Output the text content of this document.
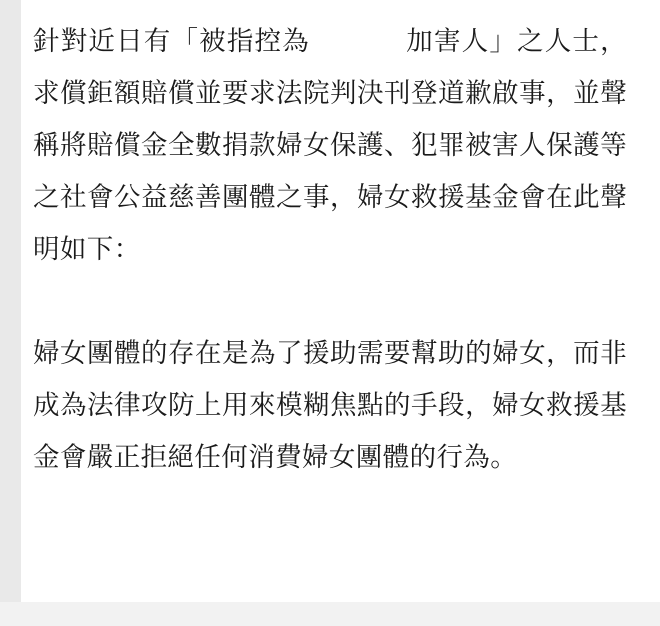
針對近日有「被指控為	加害人」之人士，求償鉅額賠償並要求法院判決刊登道歉啟事，並聲稱將賠償金全數捐款婦女保護、犯罪被害人保護等之社會公益慈善團體之事，婦女救援基金會在此聲明如下：

婦女團體的存在是為了援助需要幫助的婦女，而非成為法律攻防上用來模糊焦點的手段，婦女救援基金會嚴正拒絕任何消費婦女團體的行為。
